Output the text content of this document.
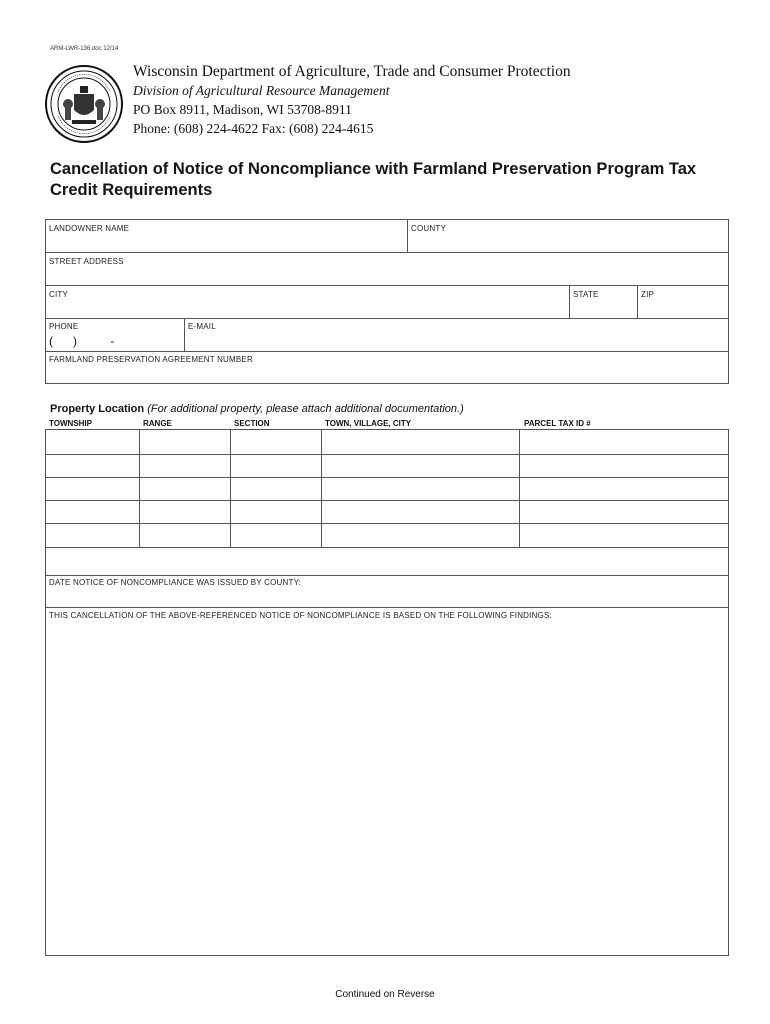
ARM-LWR-136.doc 12/14
Wisconsin Department of Agriculture, Trade and Consumer Protection
Division of Agricultural Resource Management
PO Box 8911, Madison, WI 53708-8911
Phone: (608) 224-4622 Fax: (608) 224-4615
Cancellation of Notice of Noncompliance with Farmland Preservation Program Tax Credit Requirements
LANDOWNER NAME	COUNTY
STREET ADDRESS
CITY	STATE	ZIP
PHONE
(      )          -
E-MAIL
FARMLAND PRESERVATION AGREEMENT NUMBER
Property Location (For additional property, please attach additional documentation.)
TOWNSHIP	RANGE	SECTION	TOWN, VILLAGE, CITY	PARCEL TAX ID #
DATE NOTICE OF NONCOMPLIANCE WAS ISSUED BY COUNTY:
THIS CANCELLATION OF THE ABOVE-REFERENCED NOTICE OF NONCOMPLIANCE IS BASED ON THE FOLLOWING FINDINGS:
Continued on Reverse
